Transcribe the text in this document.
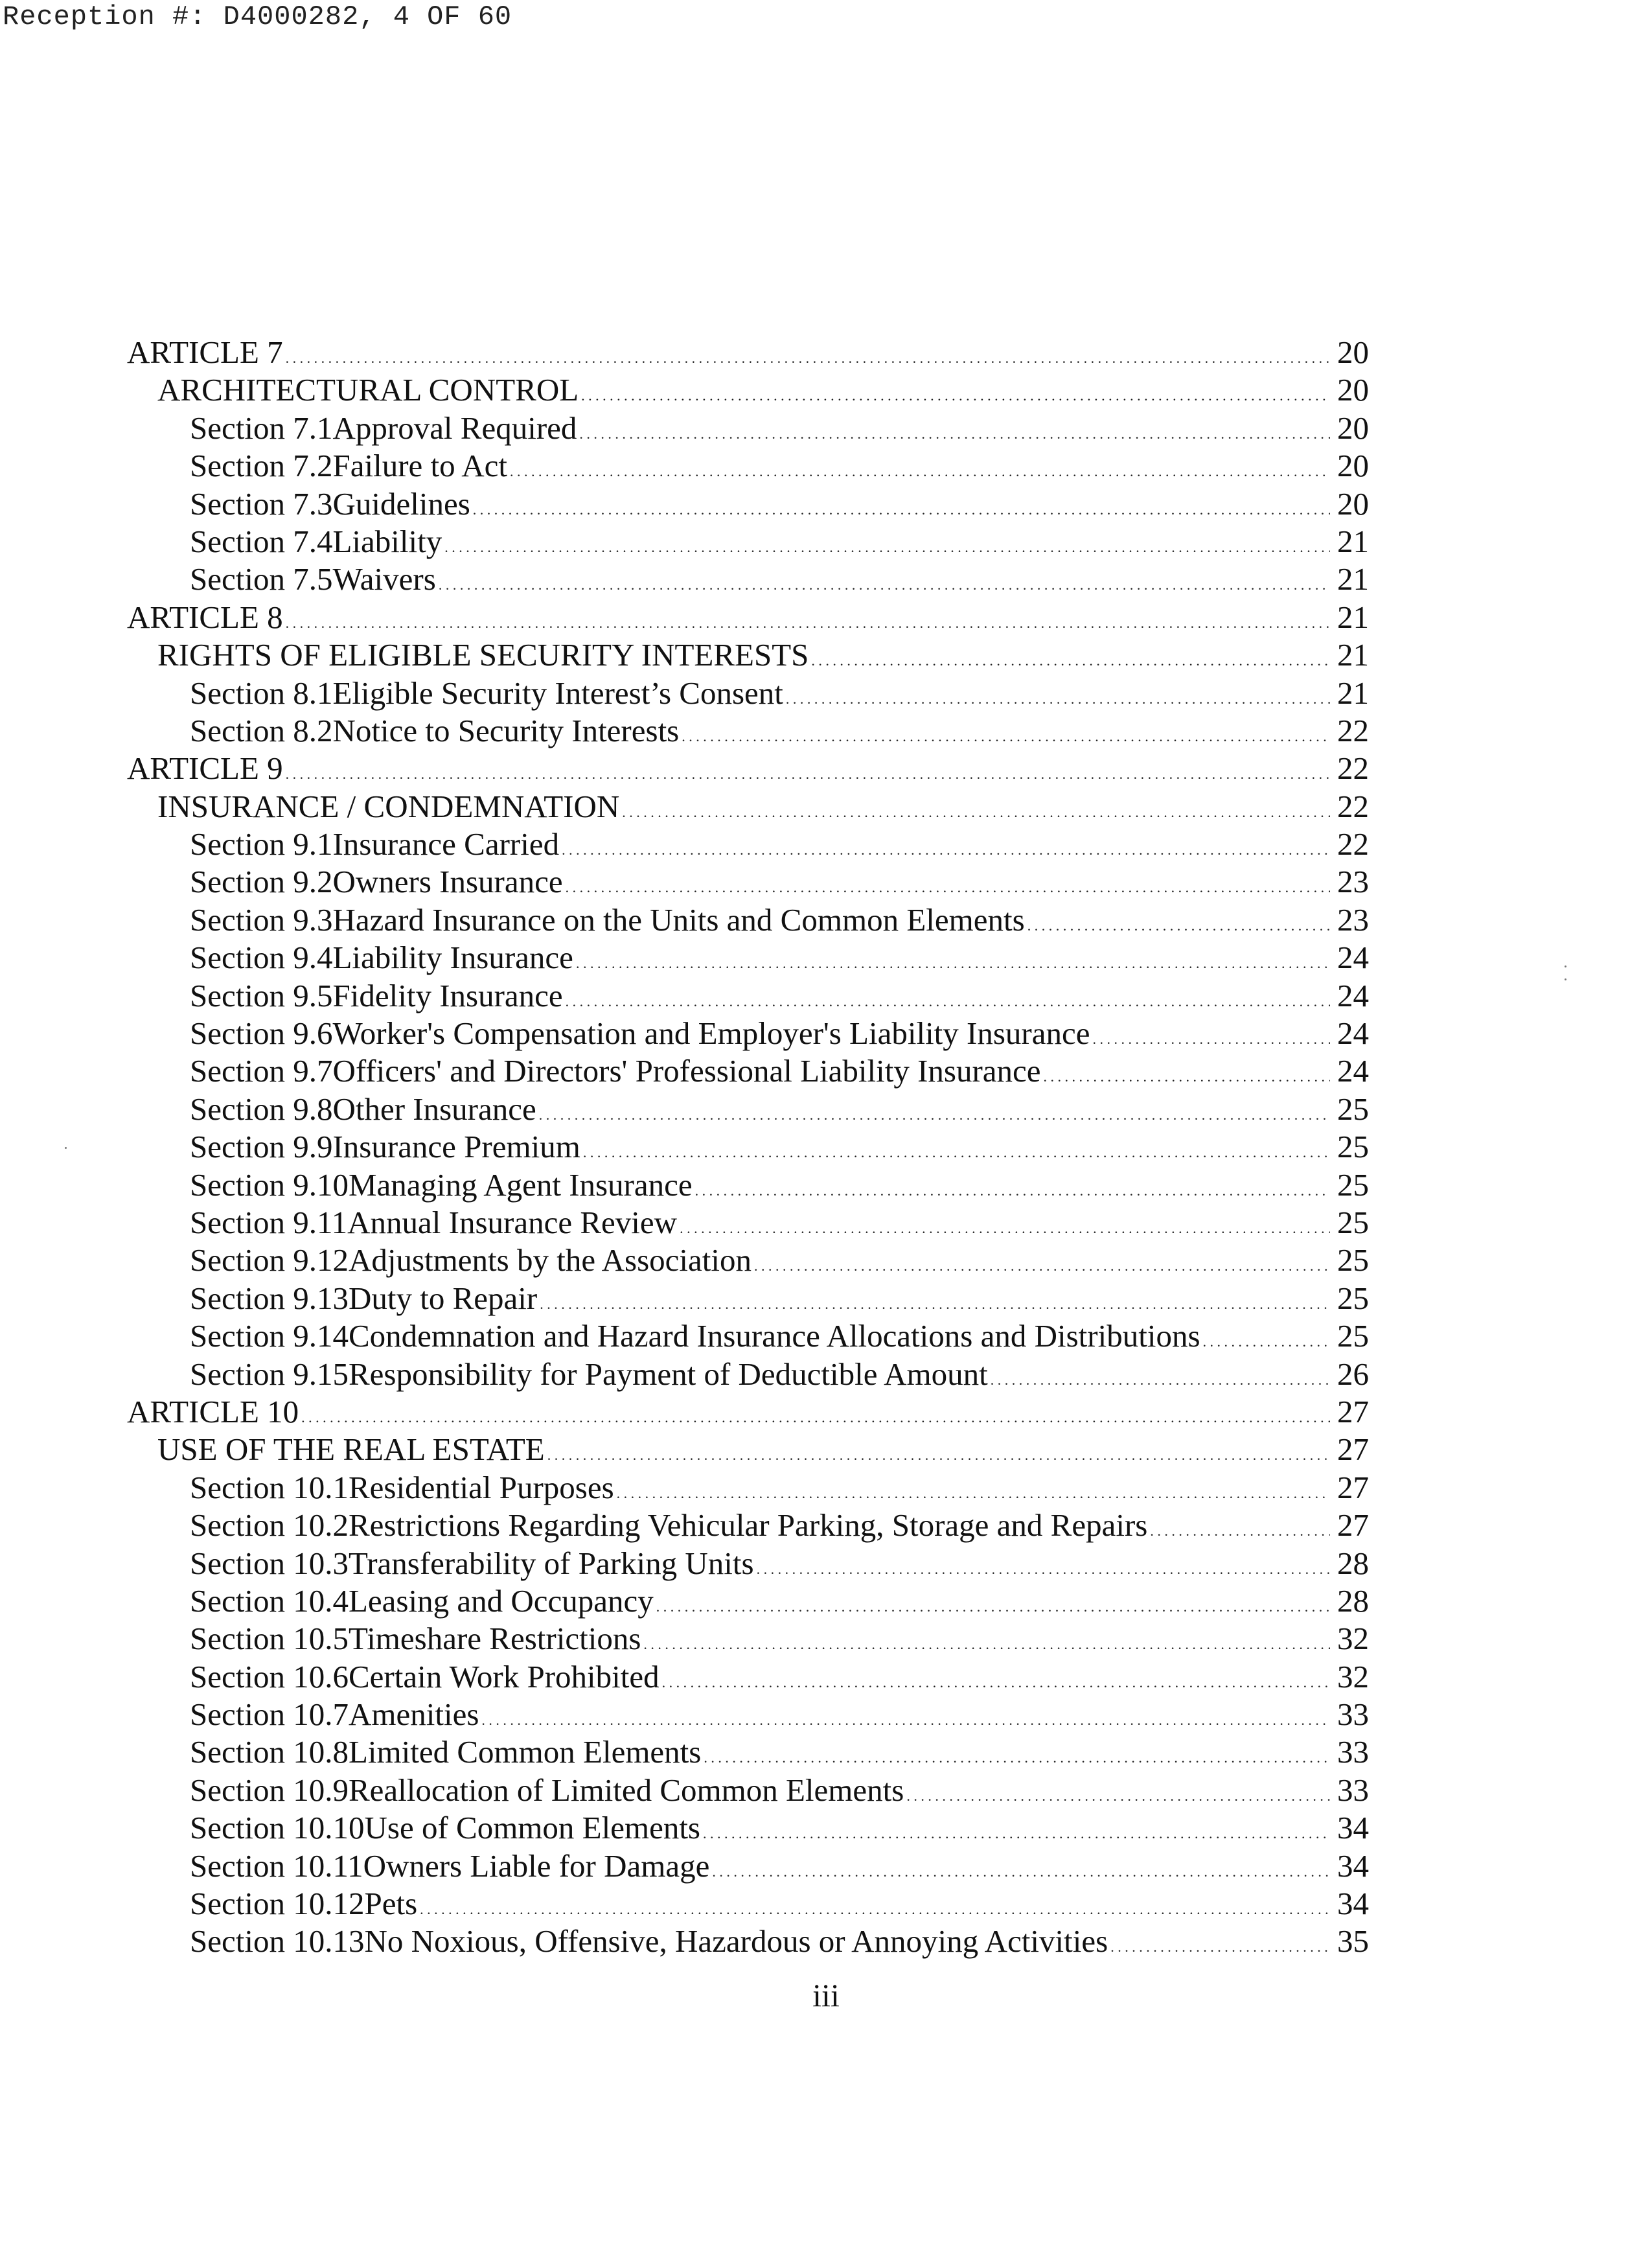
Reception #: D4000282, 4 OF 60
ARTICLE 7 . . .	20
ARCHITECTURAL CONTROL . . .	20
Section 7.1 Approval Required . . .	20
Section 7.2 Failure to Act . . .	20
Section 7.3 Guidelines . . .	20
Section 7.4 Liability . . .	21
Section 7.5 Waivers . . .	21
ARTICLE 8 . . .	21
RIGHTS OF ELIGIBLE SECURITY INTERESTS . . .	21
Section 8.1 Eligible Security Interest’s Consent . . .	21
Section 8.2 Notice to Security Interests . . .	22
ARTICLE 9 . . .	22
INSURANCE / CONDEMNATION . . .	22
Section 9.1 Insurance Carried . . .	22
Section 9.2 Owners Insurance . . .	23
Section 9.3 Hazard Insurance on the Units and Common Elements . . .	23
Section 9.4 Liability Insurance . . .	24
Section 9.5 Fidelity Insurance . . .	24
Section 9.6 Worker's Compensation and Employer's Liability Insurance . . .	24
Section 9.7 Officers' and Directors' Professional Liability Insurance . . .	24
Section 9.8 Other Insurance . . .	25
Section 9.9 Insurance Premium . . .	25
Section 9.10 Managing Agent Insurance . . .	25
Section 9.11 Annual Insurance Review . . .	25
Section 9.12 Adjustments by the Association . . .	25
Section 9.13 Duty to Repair . . .	25
Section 9.14 Condemnation and Hazard Insurance Allocations and Distributions . . .	25
Section 9.15 Responsibility for Payment of Deductible Amount . . .	26
ARTICLE 10 . . .	27
USE OF THE REAL ESTATE . . .	27
Section 10.1 Residential Purposes . . .	27
Section 10.2 Restrictions Regarding Vehicular Parking, Storage and Repairs . . .	27
Section 10.3 Transferability of Parking Units . . .	28
Section 10.4 Leasing and Occupancy . . .	28
Section 10.5 Timeshare Restrictions . . .	32
Section 10.6 Certain Work Prohibited . . .	32
Section 10.7 Amenities . . .	33
Section 10.8 Limited Common Elements . . .	33
Section 10.9 Reallocation of Limited Common Elements . . .	33
Section 10.10 Use of Common Elements . . .	34
Section 10.11 Owners Liable for Damage . . .	34
Section 10.12 Pets . . .	34
Section 10.13 No Noxious, Offensive, Hazardous or Annoying Activities . . .	35
iii
